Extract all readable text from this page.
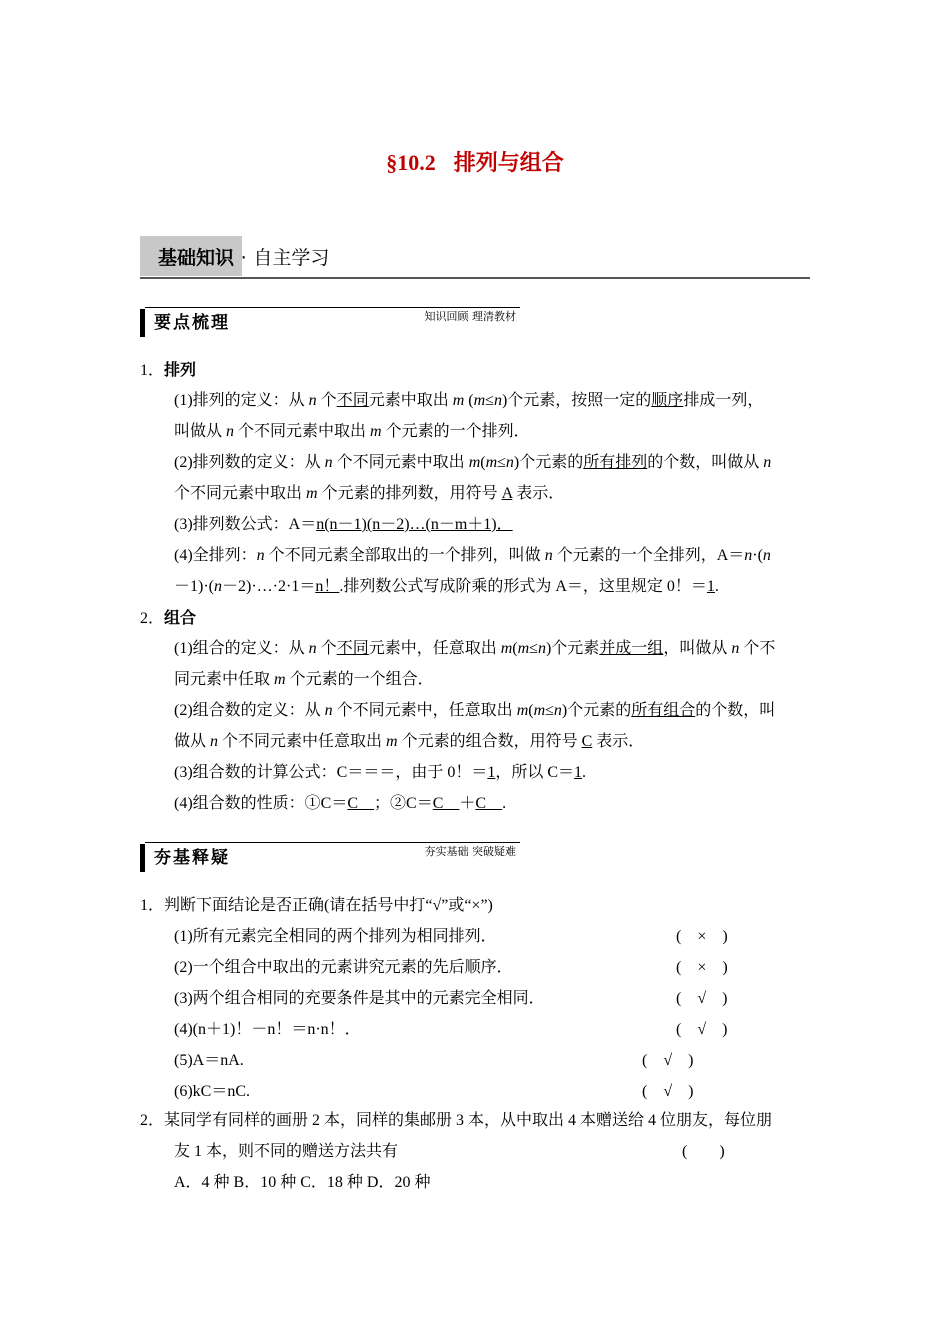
§10.2 排列与组合
基础知识 · 自主学习
要点梳理	知识回顾 理清教材
1．排列
(1)排列的定义：从 n 个不同元素中取出 m (m≤n)个元素，按照一定的顺序排成一列，
叫做从 n 个不同元素中取出 m 个元素的一个排列．
(2)排列数的定义：从 n 个不同元素中取出 m(m≤n)个元素的所有排列的个数，叫做从 n
个不同元素中取出 m 个元素的排列数，用符号 A 表示．
(3)排列数公式：A＝n(n－1)(n－2)…(n－m＋1)．
(4)全排列：n 个不同元素全部取出的一个排列，叫做 n 个元素的一个全排列，A＝n·(n
－1)·(n－2)·…·2·1＝n！.排列数公式写成阶乘的形式为 A＝，这里规定 0！＝1.
2．组合
(1)组合的定义：从 n 个不同元素中，任意取出 m(m≤n)个元素并成一组，叫做从 n 个不
同元素中任取 m 个元素的一个组合．
(2)组合数的定义：从 n 个不同元素中，任意取出 m(m≤n)个元素的所有组合的个数，叫
做从 n 个不同元素中任意取出 m 个元素的组合数，用符号 C 表示．
(3)组合数的计算公式：C＝＝＝，由于 0！＝1，所以 C＝1.
(4)组合数的性质：①C＝C　；②C＝C　＋C　.
夯基释疑	夯实基础 突破疑难
1．判断下面结论是否正确(请在括号中打“√”或“×”)
(1)所有元素完全相同的两个排列为相同排列．	(　×　)
(2)一个组合中取出的元素讲究元素的先后顺序．	(　×　)
(3)两个组合相同的充要条件是其中的元素完全相同．	(　√　)
(4)(n＋1)！－n！＝n·n！．	(　√　)
(5)A＝nA.	(　√　)
(6)kC＝nC.	(　√　)
2．某同学有同样的画册 2 本，同样的集邮册 3 本，从中取出 4 本赠送给 4 位朋友，每位朋
友 1 本，则不同的赠送方法共有	(　　)
A．4 种 B．10 种 C．18 种 D．20 种
